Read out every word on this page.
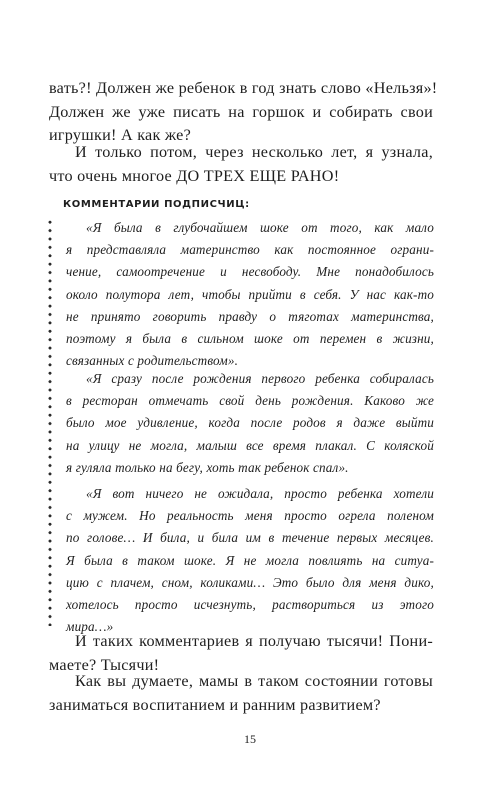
вать?! Должен же ребенок в год знать слово «Нельзя»!
Должен же уже писать на горшок и собирать свои
игрушки! А как же?

И только потом, через несколько лет, я узнала,
что очень многое ДО ТРЕХ ЕЩЕ РАНО!

КОММЕНТАРИИ ПОДПИСЧИЦ:

«Я была в глубочайшем шоке от того, как мало
я представляла материнство как постоянное ограни-
чение, самоотречение и несвободу. Мне понадобилось
около полутора лет, чтобы прийти в себя. У нас как-то
не принято говорить правду о тяготах материнства,
поэтому я была в сильном шоке от перемен в жизни,
связанных с родительством».

«Я сразу после рождения первого ребенка собиралась
в ресторан отмечать свой день рождения. Каково же
было мое удивление, когда после родов я даже выйти
на улицу не могла, малыш все время плакал. С коляской
я гуляла только на бегу, хоть так ребенок спал».

«Я вот ничего не ожидала, просто ребенка хотели
с мужем. Но реальность меня просто огрела поленом
по голове… И била, и била им в течение первых месяцев.
Я была в таком шоке. Я не могла повлиять на ситуа-
цию с плачем, сном, коликами… Это было для меня дико,
хотелось просто исчезнуть, раствориться из этого
мира…»

И таких комментариев я получаю тысячи! Пони-
маете? Тысячи!

Как вы думаете, мамы в таком состоянии готовы
заниматься воспитанием и ранним развитием?

15
